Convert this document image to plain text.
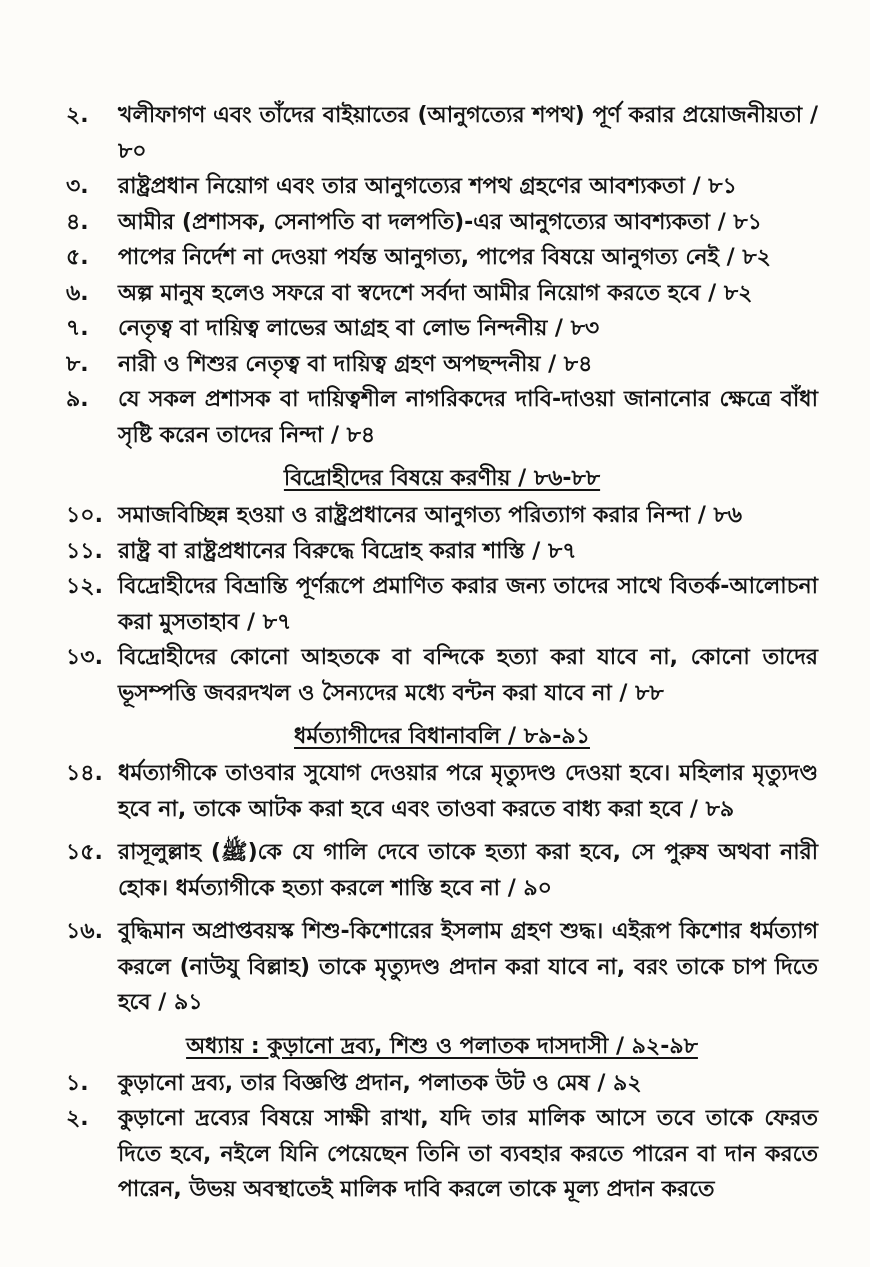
২.	খলীফাগণ এবং তাঁদের বাইয়াতের (আনুগত্যের শপথ) পূর্ণ করার প্রয়োজনীয়তা / ৮০
৩.	রাষ্ট্রপ্রধান নিয়োগ এবং তার আনুগত্যের শপথ গ্রহণের আবশ্যকতা / ৮১
৪.	আমীর (প্রশাসক, সেনাপতি বা দলপতি)-এর আনুগত্যের আবশ্যকতা / ৮১
৫.	পাপের নির্দেশ না দেওয়া পর্যন্ত আনুগত্য, পাপের বিষয়ে আনুগত্য নেই / ৮২
৬.	অল্প মানুষ হলেও সফরে বা স্বদেশে সর্বদা আমীর নিয়োগ করতে হবে / ৮২
৭.	নেতৃত্ব বা দায়িত্ব লাভের আগ্রহ বা লোভ নিন্দনীয় / ৮৩
৮.	নারী ও শিশুর নেতৃত্ব বা দায়িত্ব গ্রহণ অপছন্দনীয় / ৮৪
৯.	যে সকল প্রশাসক বা দায়িত্বশীল নাগরিকদের দাবি-দাওয়া জানানোর ক্ষেত্রে বাঁধা সৃষ্টি করেন তাদের নিন্দা / ৮৪
বিদ্রোহীদের বিষয়ে করণীয় / ৮৬-৮৮
১০. সমাজবিচ্ছিন্ন হওয়া ও রাষ্ট্রপ্রধানের আনুগত্য পরিত্যাগ করার নিন্দা / ৮৬
১১. রাষ্ট্র বা রাষ্ট্রপ্রধানের বিরুদ্ধে বিদ্রোহ করার শাস্তি / ৮৭
১২. বিদ্রোহীদের বিভ্রান্তি পূর্ণরূপে প্রমাণিত করার জন্য তাদের সাথে বিতর্ক-আলোচনা করা মুসতাহাব / ৮৭
১৩. বিদ্রোহীদের কোনো আহতকে বা বন্দিকে হত্যা করা যাবে না, কোনো তাদের ভূসম্পত্তি জবরদখল ও সৈন্যদের মধ্যে বন্টন করা যাবে না / ৮৮
ধর্মত্যাগীদের বিধানাবলি / ৮৯-৯১
১৪. ধর্মত্যাগীকে তাওবার সুযোগ দেওয়ার পরে মৃত্যুদণ্ড দেওয়া হবে। মহিলার মৃত্যুদণ্ড হবে না, তাকে আটক করা হবে এবং তাওবা করতে বাধ্য করা হবে / ৮৯
১৫. রাসূলুল্লাহ (ﷺ)কে যে গালি দেবে তাকে হত্যা করা হবে, সে পুরুষ অথবা নারী হোক। ধর্মত্যাগীকে হত্যা করলে শাস্তি হবে না / ৯০
১৬. বুদ্ধিমান অপ্রাপ্তবয়স্ক শিশু-কিশোরের ইসলাম গ্রহণ শুদ্ধ। এইরূপ কিশোর ধর্মত্যাগ করলে (নাউযু বিল্লাহ) তাকে মৃত্যুদণ্ড প্রদান করা যাবে না, বরং তাকে চাপ দিতে হবে / ৯১
অধ্যায় : কুড়ানো দ্রব্য, শিশু ও পলাতক দাসদাসী / ৯২-৯৮
১.	কুড়ানো দ্রব্য, তার বিজ্ঞপ্তি প্রদান, পলাতক উট ও মেষ / ৯২
২.	কুড়ানো দ্রব্যের বিষয়ে সাক্ষী রাখা, যদি তার মালিক আসে তবে তাকে ফেরত দিতে হবে, নইলে যিনি পেয়েছেন তিনি তা ব্যবহার করতে পারেন বা দান করতে পারেন, উভয় অবস্থাতেই মালিক দাবি করলে তাকে মূল্য প্রদান করতে
